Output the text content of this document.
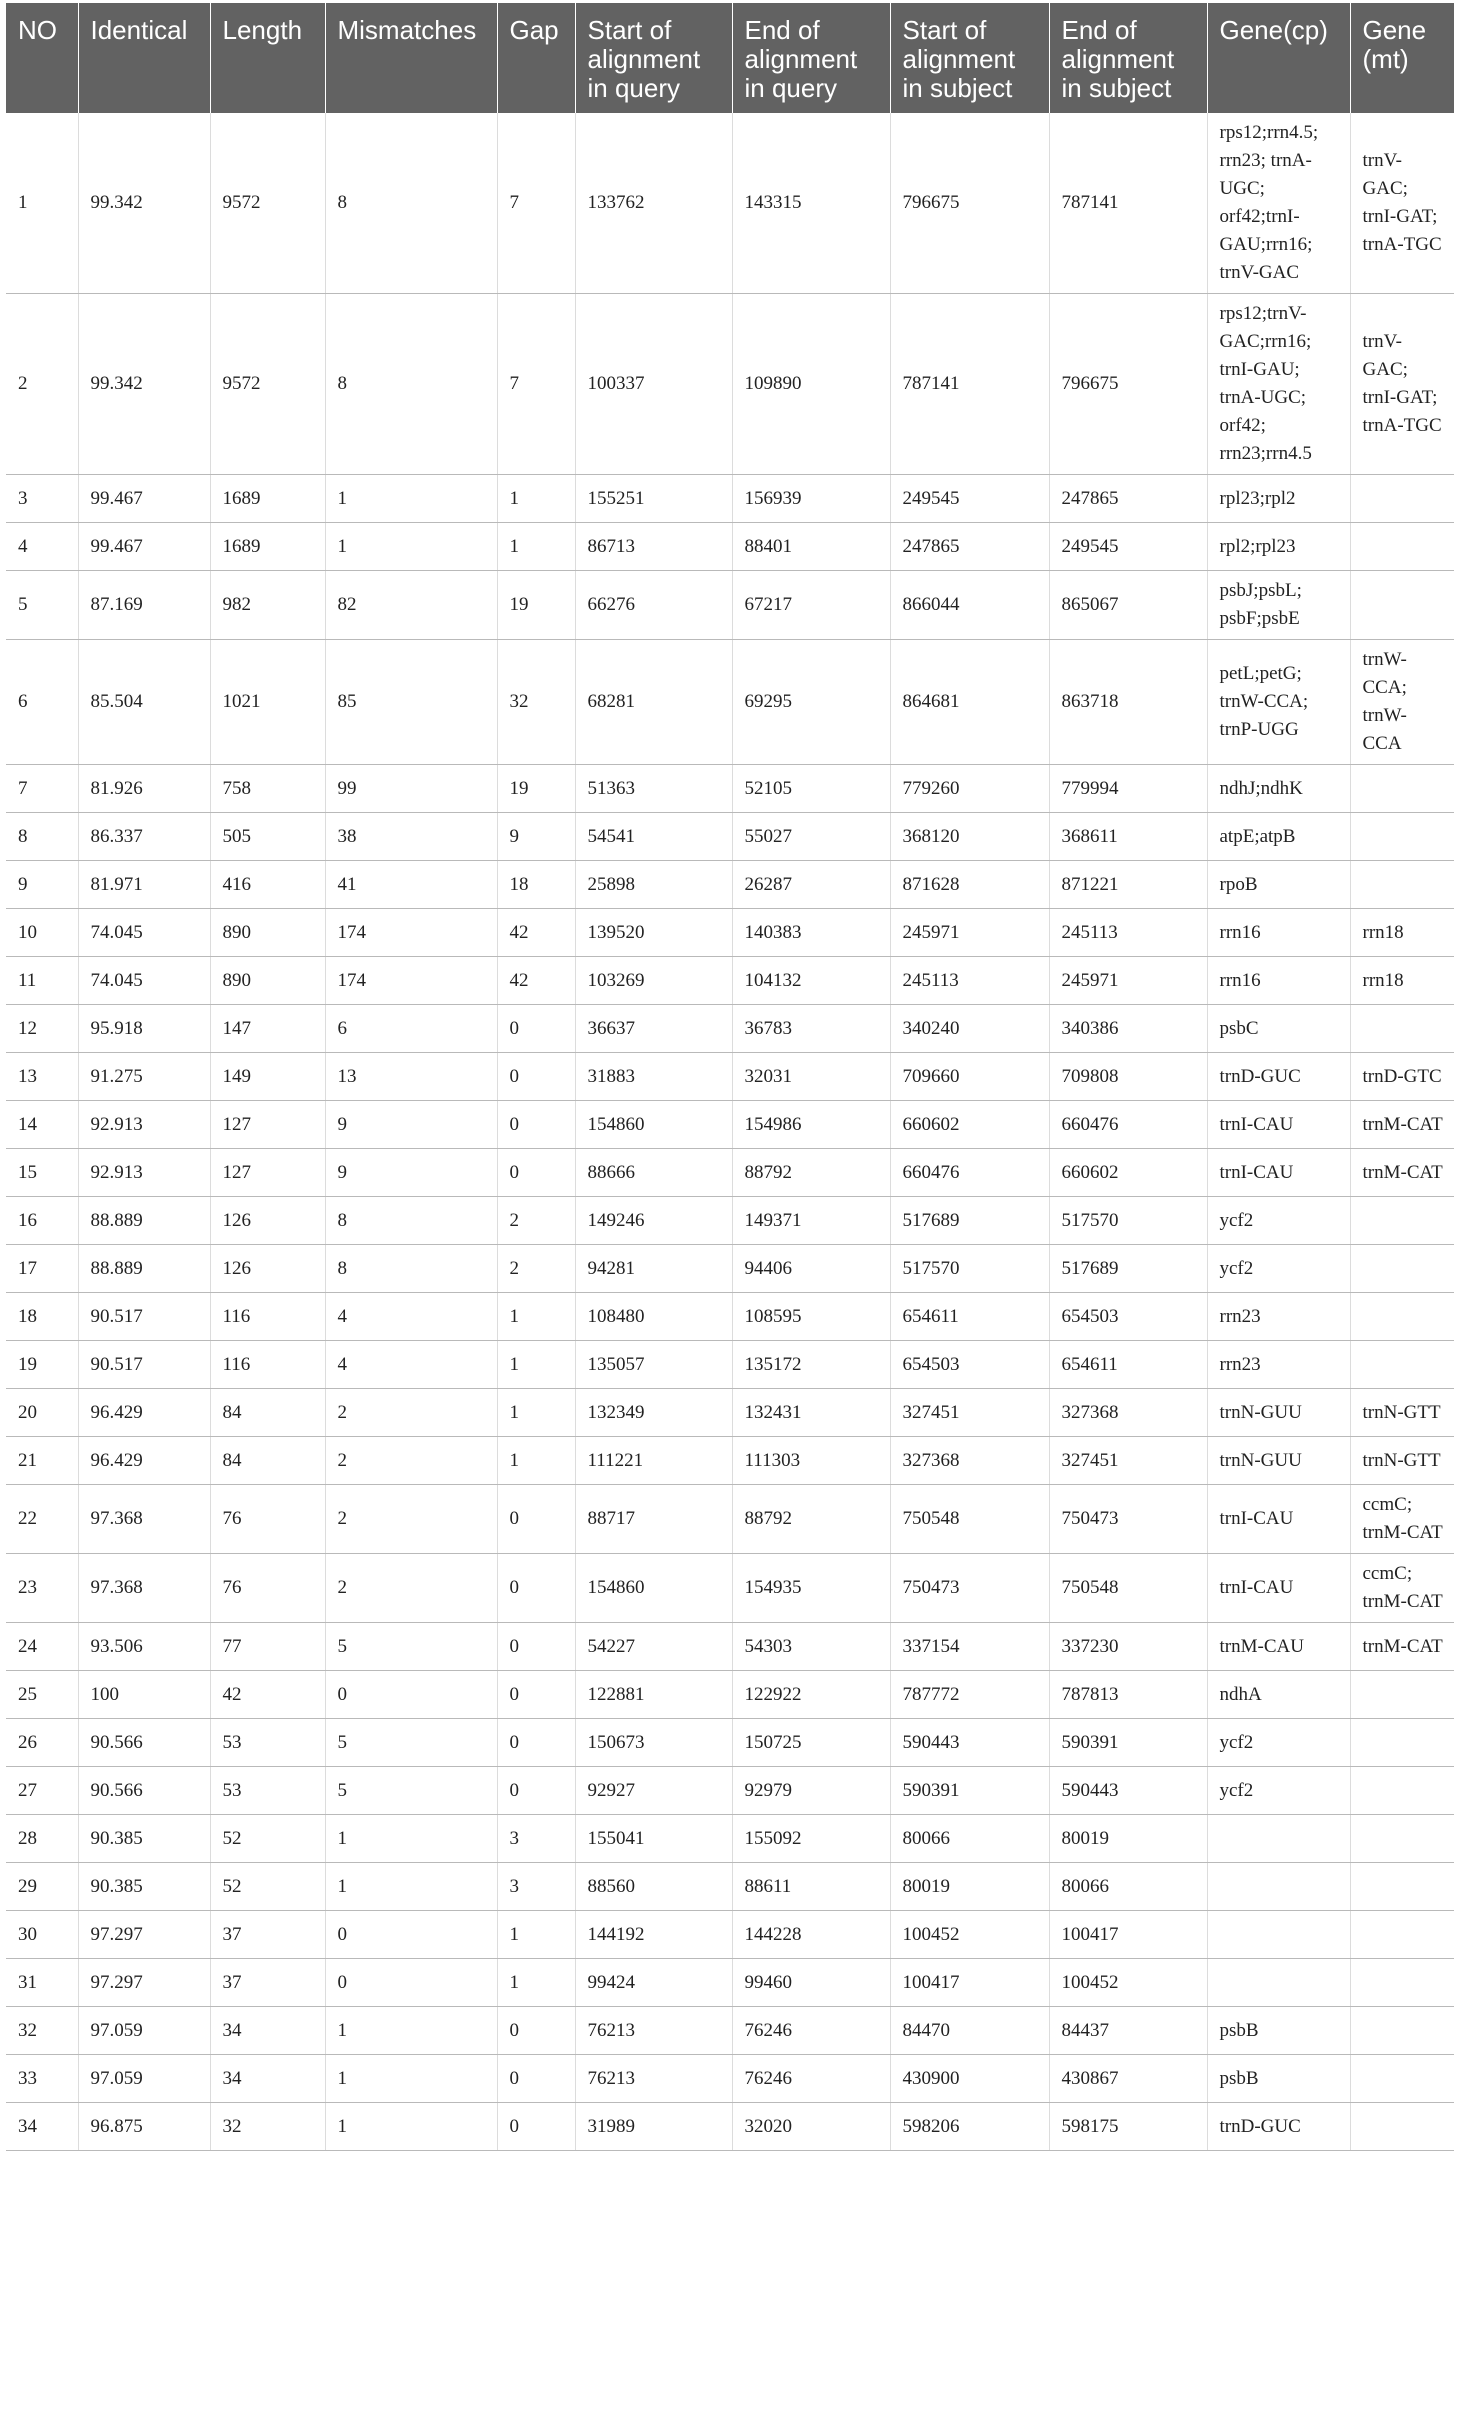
NO	Identical	Length	Mismatches	Gap	Start of alignment in query	End of alignment in query	Start of alignment in subject	End of alignment in subject	Gene(cp)	Gene (mt)
1	99.342	9572	8	7	133762	143315	796675	787141	rps12;rrn4.5; rrn23; trnA-UGC; orf42;trnI-GAU;rrn16; trnV-GAC	trnV-GAC; trnI-GAT; trnA-TGC
2	99.342	9572	8	7	100337	109890	787141	796675	rps12;trnV-GAC;rrn16; trnI-GAU; trnA-UGC; orf42; rrn23;rrn4.5	trnV-GAC; trnI-GAT; trnA-TGC
3	99.467	1689	1	1	155251	156939	249545	247865	rpl23;rpl2	
4	99.467	1689	1	1	86713	88401	247865	249545	rpl2;rpl23	
5	87.169	982	82	19	66276	67217	866044	865067	psbJ;psbL; psbF;psbE	
6	85.504	1021	85	32	68281	69295	864681	863718	petL;petG; trnW-CCA; trnP-UGG	trnW-CCA; trnW-CCA
7	81.926	758	99	19	51363	52105	779260	779994	ndhJ;ndhK	
8	86.337	505	38	9	54541	55027	368120	368611	atpE;atpB	
9	81.971	416	41	18	25898	26287	871628	871221	rpoB	
10	74.045	890	174	42	139520	140383	245971	245113	rrn16	rrn18
11	74.045	890	174	42	103269	104132	245113	245971	rrn16	rrn18
12	95.918	147	6	0	36637	36783	340240	340386	psbC	
13	91.275	149	13	0	31883	32031	709660	709808	trnD-GUC	trnD-GTC
14	92.913	127	9	0	154860	154986	660602	660476	trnI-CAU	trnM-CAT
15	92.913	127	9	0	88666	88792	660476	660602	trnI-CAU	trnM-CAT
16	88.889	126	8	2	149246	149371	517689	517570	ycf2	
17	88.889	126	8	2	94281	94406	517570	517689	ycf2	
18	90.517	116	4	1	108480	108595	654611	654503	rrn23	
19	90.517	116	4	1	135057	135172	654503	654611	rrn23	
20	96.429	84	2	1	132349	132431	327451	327368	trnN-GUU	trnN-GTT
21	96.429	84	2	1	111221	111303	327368	327451	trnN-GUU	trnN-GTT
22	97.368	76	2	0	88717	88792	750548	750473	trnI-CAU	ccmC; trnM-CAT
23	97.368	76	2	0	154860	154935	750473	750548	trnI-CAU	ccmC; trnM-CAT
24	93.506	77	5	0	54227	54303	337154	337230	trnM-CAU	trnM-CAT
25	100	42	0	0	122881	122922	787772	787813	ndhA	
26	90.566	53	5	0	150673	150725	590443	590391	ycf2	
27	90.566	53	5	0	92927	92979	590391	590443	ycf2	
28	90.385	52	1	3	155041	155092	80066	80019		
29	90.385	52	1	3	88560	88611	80019	80066		
30	97.297	37	0	1	144192	144228	100452	100417		
31	97.297	37	0	1	99424	99460	100417	100452		
32	97.059	34	1	0	76213	76246	84470	84437	psbB	
33	97.059	34	1	0	76213	76246	430900	430867	psbB	
34	96.875	32	1	0	31989	32020	598206	598175	trnD-GUC	
